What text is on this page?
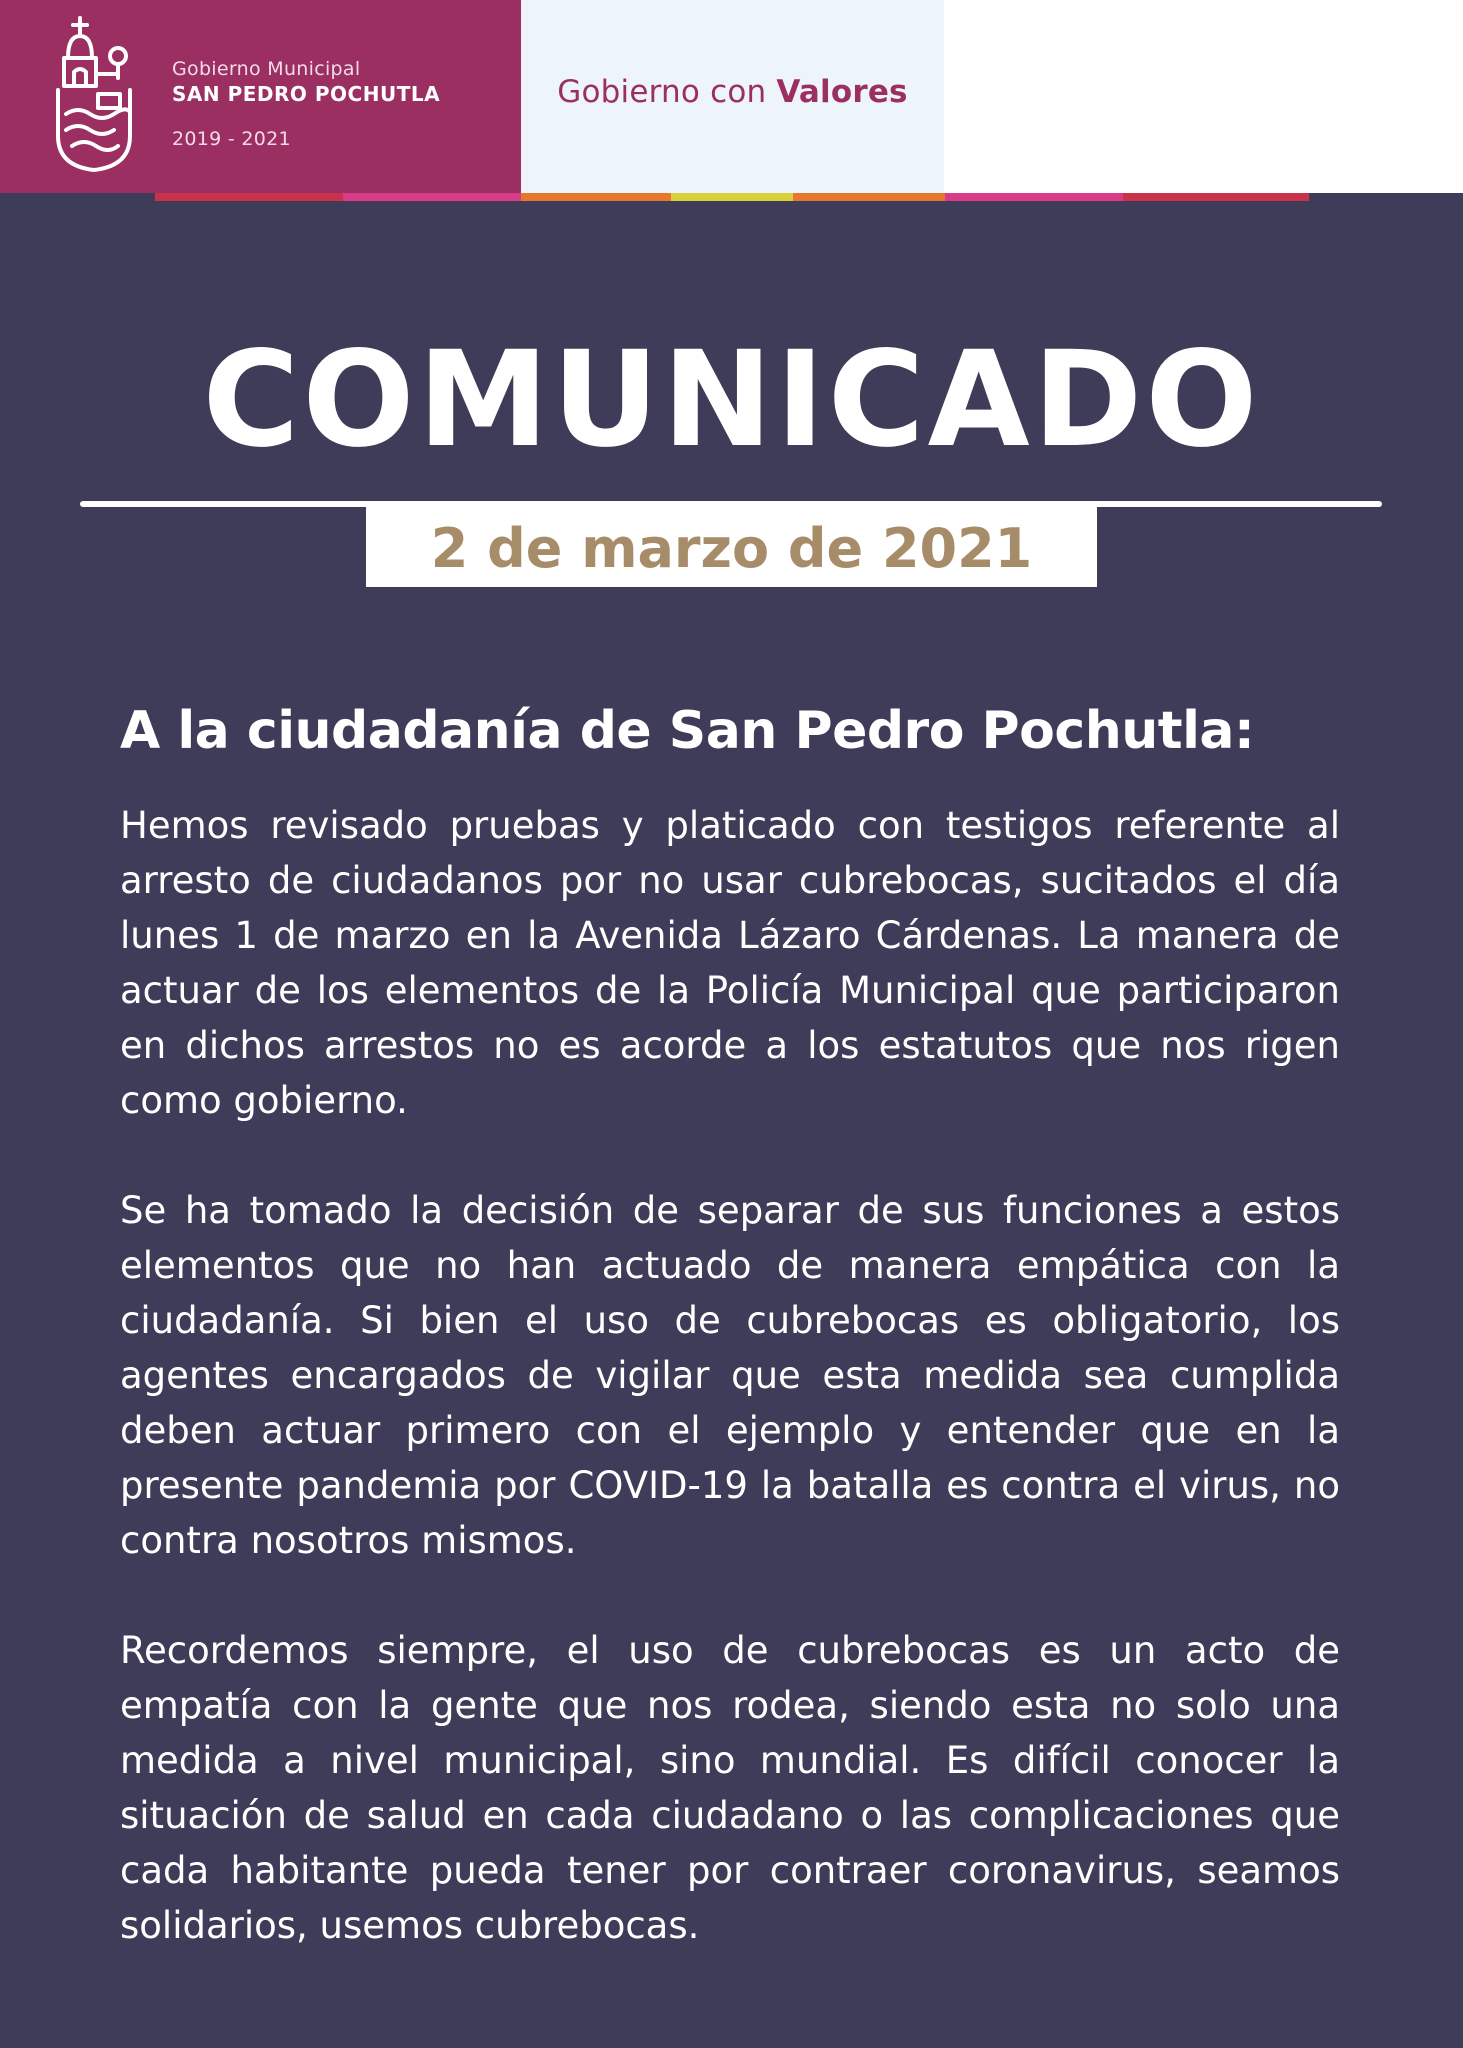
Gobierno Municipal
SAN PEDRO POCHUTLA
2019 - 2021
Gobierno con Valores
COMUNICADO
2 de marzo de 2021
A la ciudadanía de San Pedro Pochutla:

Hemos revisado pruebas y platicado con testigos referente al arresto de ciudadanos por no usar cubrebocas, sucitados el día lunes 1 de marzo en la Avenida Lázaro Cárdenas. La manera de actuar de los elementos de la Policía Municipal que participaron en dichos arrestos no es acorde a los estatutos que nos rigen como gobierno.

Se ha tomado la decisión de separar de sus funciones a estos elementos que no han actuado de manera empática con la ciudadanía. Si bien el uso de cubrebocas es obligatorio, los agentes encargados de vigilar que esta medida sea cumplida deben actuar primero con el ejemplo y entender que en la presente pandemia por COVID-19 la batalla es contra el virus, no contra nosotros mismos.

Recordemos siempre, el uso de cubrebocas es un acto de empatía con la gente que nos rodea, siendo esta no solo una medida a nivel municipal, sino mundial. Es difícil conocer la situación de salud en cada ciudadano o las complicaciones que cada habitante pueda tener por contraer coronavirus, seamos solidarios, usemos cubrebocas.
